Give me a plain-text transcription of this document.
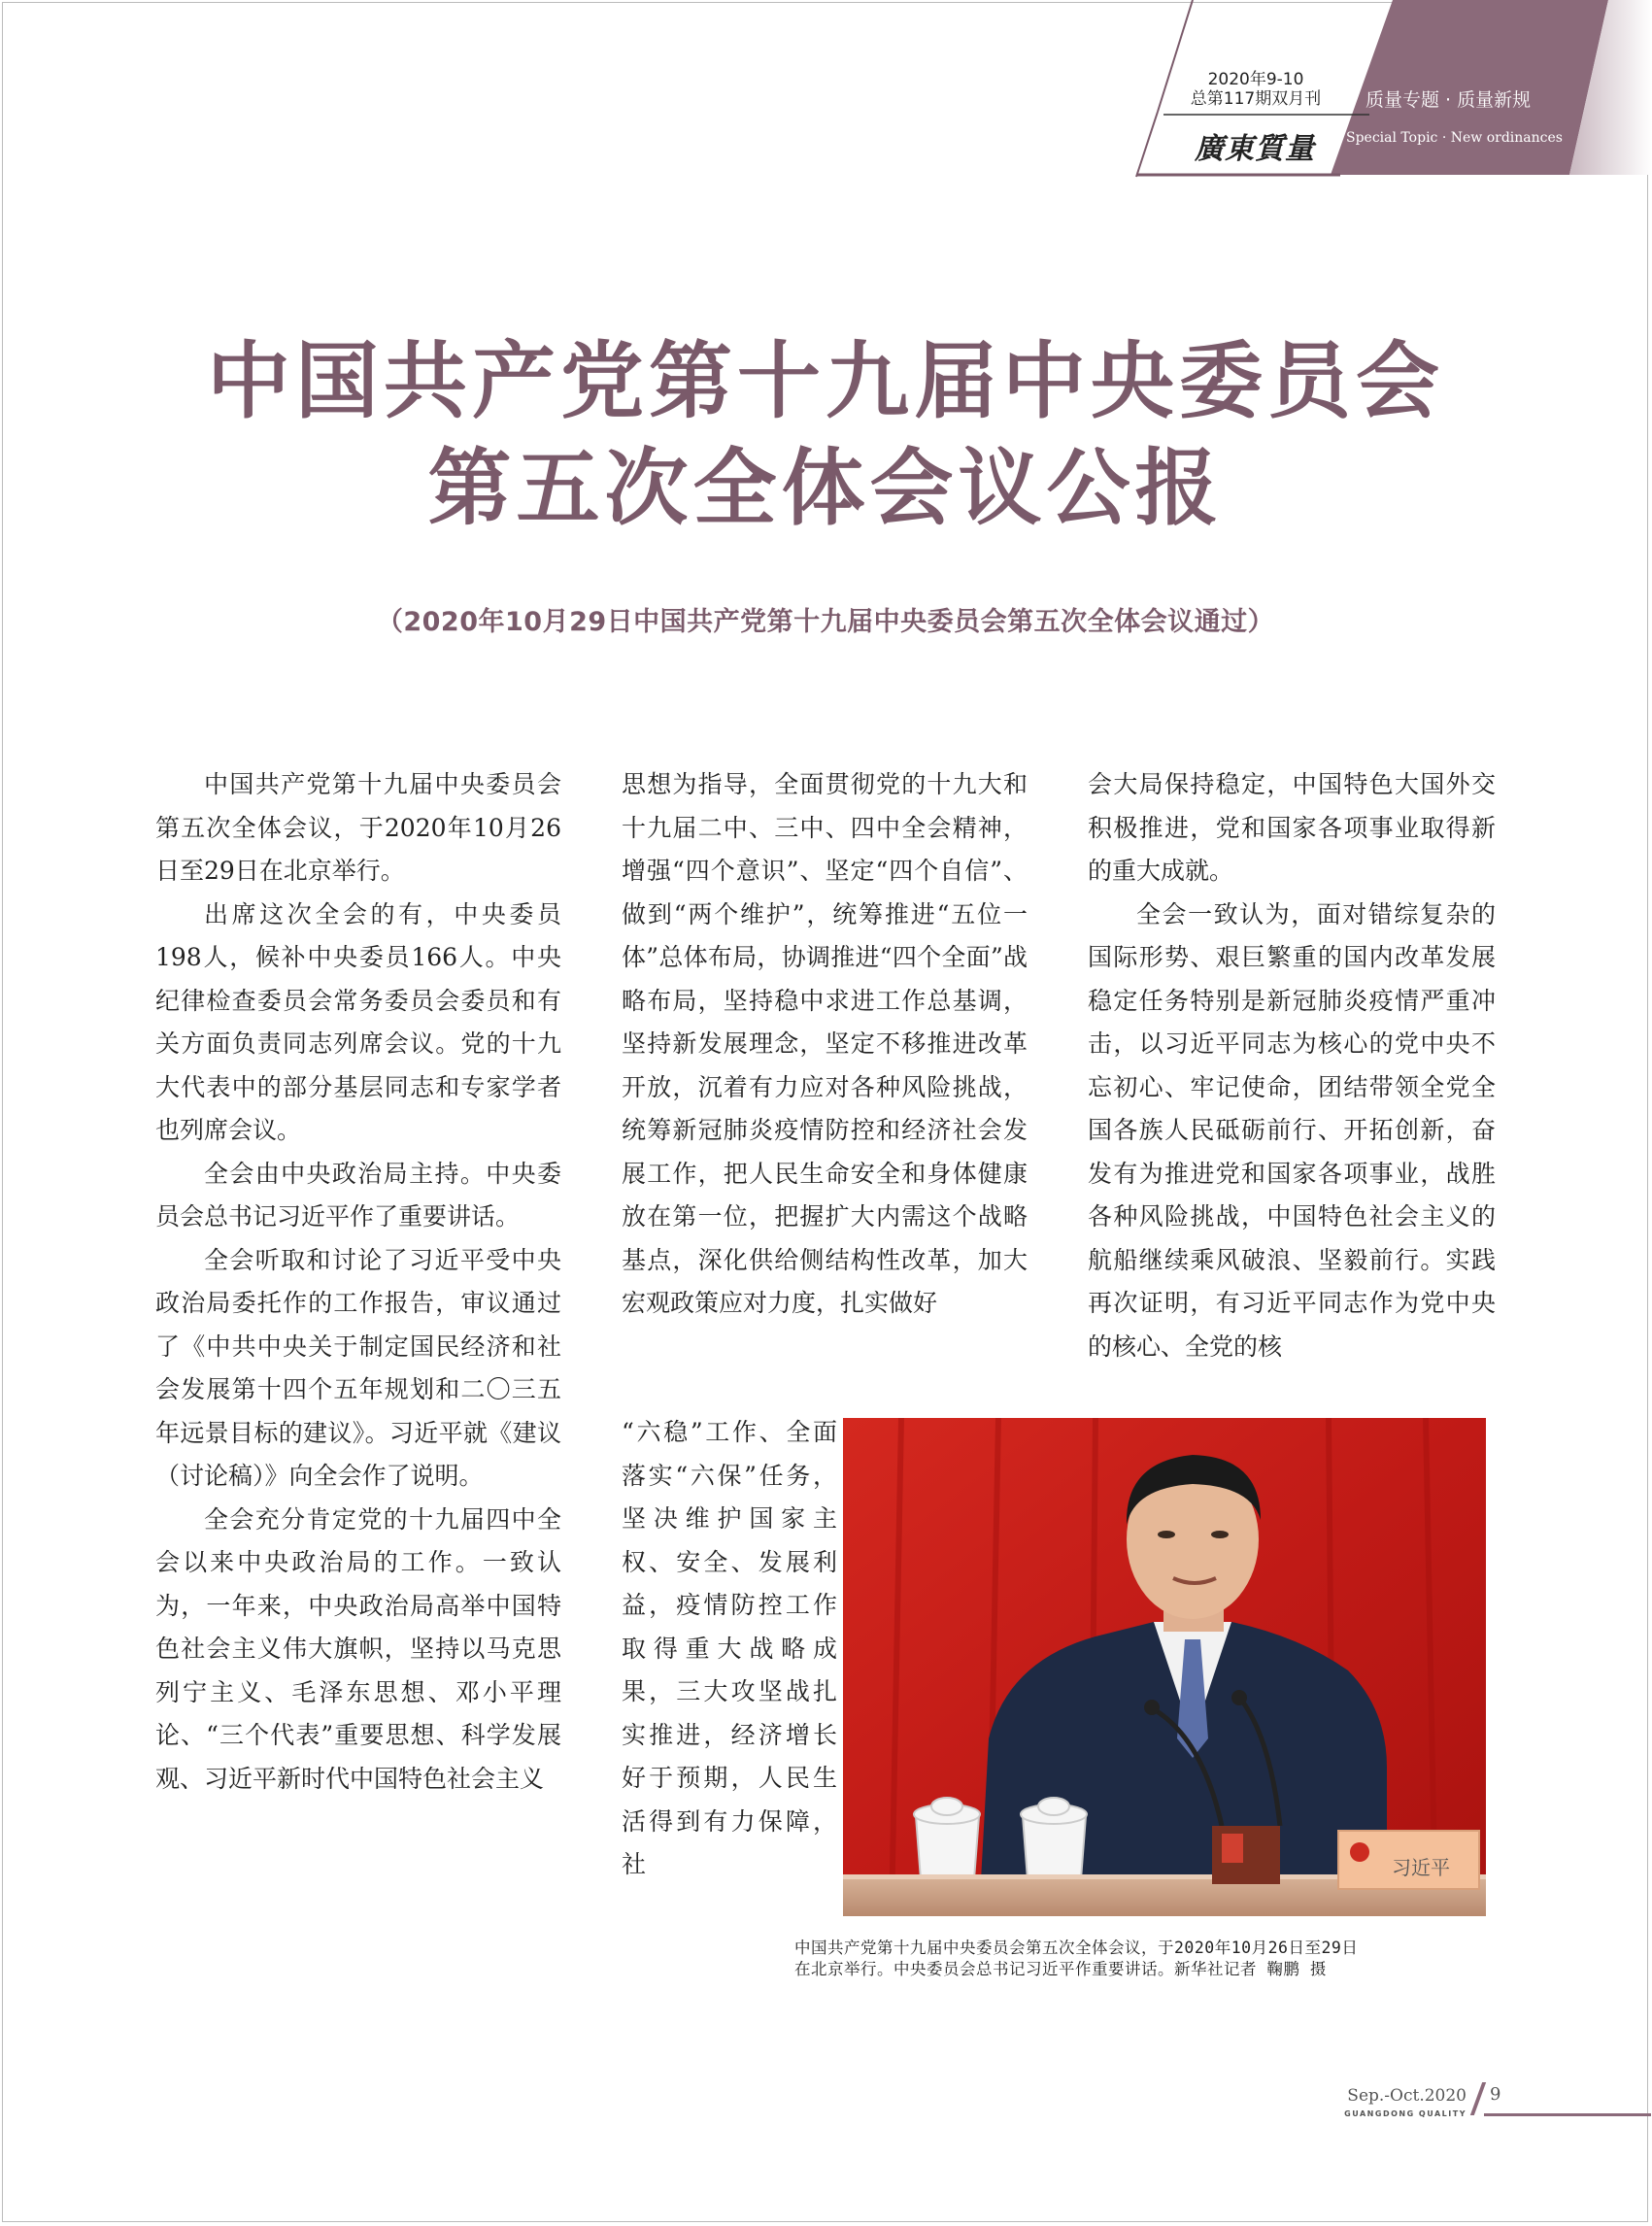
2020年9-10
总第117期双月刊
廣東質量
质量专题 · 质量新规
Special Topic · New ordinances
中国共产党第十九届中央委员会
第五次全体会议公报
（2020年10月29日中国共产党第十九届中央委员会第五次全体会议通过）

中国共产党第十九届中央委员会第五次全体会议，于2020年10月26日至29日在北京举行。

出席这次全会的有，中央委员198人，候补中央委员166人。中央纪律检查委员会常务委员会委员和有关方面负责同志列席会议。党的十九大代表中的部分基层同志和专家学者也列席会议。

全会由中央政治局主持。中央委员会总书记习近平作了重要讲话。

全会听取和讨论了习近平受中央政治局委托作的工作报告，审议通过了《中共中央关于制定国民经济和社会发展第十四个五年规划和二〇三五年远景目标的建议》。习近平就《建议（讨论稿）》向全会作了说明。

全会充分肯定党的十九届四中全会以来中央政治局的工作。一致认为，一年来，中央政治局高举中国特色社会主义伟大旗帜，坚持以马克思列宁主义、毛泽东思想、邓小平理论、“三个代表”重要思想、科学发展观、习近平新时代中国特色社会主义

思想为指导，全面贯彻党的十九大和十九届二中、三中、四中全会精神，增强“四个意识”、坚定“四个自信”、做到“两个维护”，统筹推进“五位一体”总体布局，协调推进“四个全面”战略布局，坚持稳中求进工作总基调，坚持新发展理念，坚定不移推进改革开放，沉着有力应对各种风险挑战，统筹新冠肺炎疫情防控和经济社会发展工作，把人民生命安全和身体健康放在第一位，把握扩大内需这个战略基点，深化供给侧结构性改革，加大宏观政策应对力度，扎实做好

“六稳”工作、全面落实“六保”任务，坚决维护国家主权、安全、发展利益，疫情防控工作取得重大战略成果，三大攻坚战扎实推进，经济增长好于预期，人民生活得到有力保障，社

会大局保持稳定，中国特色大国外交积极推进，党和国家各项事业取得新的重大成就。

全会一致认为，面对错综复杂的国际形势、艰巨繁重的国内改革发展稳定任务特别是新冠肺炎疫情严重冲击，以习近平同志为核心的党中央不忘初心、牢记使命，团结带领全党全国各族人民砥砺前行、开拓创新，奋发有为推进党和国家各项事业，战胜各种风险挑战，中国特色社会主义的航船继续乘风破浪、坚毅前行。实践再次证明，有习近平同志作为党中央的核心、全党的核

习近平
中国共产党第十九届中央委员会第五次全体会议，于2020年10月26日至29日
在北京举行。中央委员会总书记习近平作重要讲话。新华社记者 鞠鹏 摄
Sep.-Oct.2020
GUANGDONG QUALITY
9
